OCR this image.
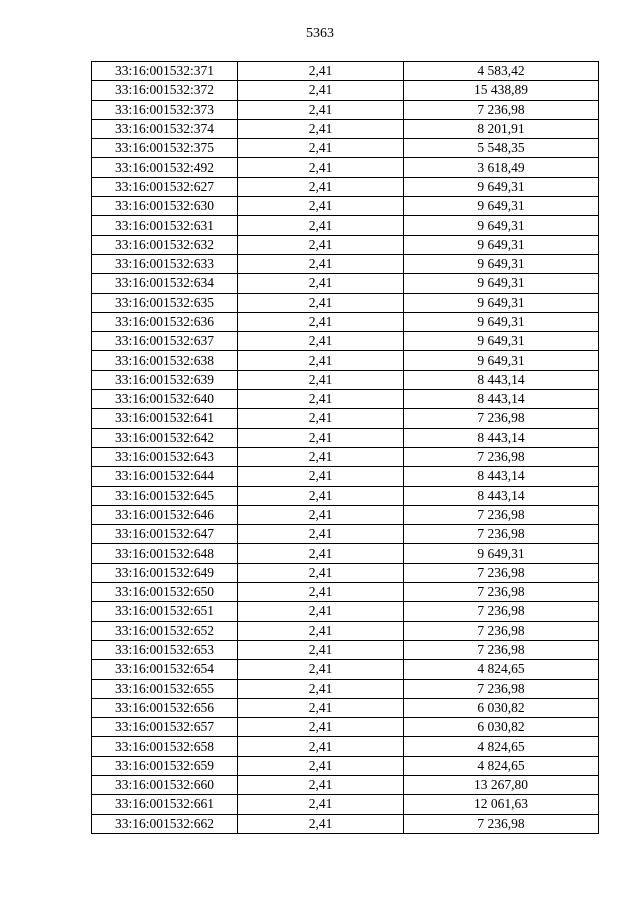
5363
33:16:001532:371	2,41	4 583,42
33:16:001532:372	2,41	15 438,89
33:16:001532:373	2,41	7 236,98
33:16:001532:374	2,41	8 201,91
33:16:001532:375	2,41	5 548,35
33:16:001532:492	2,41	3 618,49
33:16:001532:627	2,41	9 649,31
33:16:001532:630	2,41	9 649,31
33:16:001532:631	2,41	9 649,31
33:16:001532:632	2,41	9 649,31
33:16:001532:633	2,41	9 649,31
33:16:001532:634	2,41	9 649,31
33:16:001532:635	2,41	9 649,31
33:16:001532:636	2,41	9 649,31
33:16:001532:637	2,41	9 649,31
33:16:001532:638	2,41	9 649,31
33:16:001532:639	2,41	8 443,14
33:16:001532:640	2,41	8 443,14
33:16:001532:641	2,41	7 236,98
33:16:001532:642	2,41	8 443,14
33:16:001532:643	2,41	7 236,98
33:16:001532:644	2,41	8 443,14
33:16:001532:645	2,41	8 443,14
33:16:001532:646	2,41	7 236,98
33:16:001532:647	2,41	7 236,98
33:16:001532:648	2,41	9 649,31
33:16:001532:649	2,41	7 236,98
33:16:001532:650	2,41	7 236,98
33:16:001532:651	2,41	7 236,98
33:16:001532:652	2,41	7 236,98
33:16:001532:653	2,41	7 236,98
33:16:001532:654	2,41	4 824,65
33:16:001532:655	2,41	7 236,98
33:16:001532:656	2,41	6 030,82
33:16:001532:657	2,41	6 030,82
33:16:001532:658	2,41	4 824,65
33:16:001532:659	2,41	4 824,65
33:16:001532:660	2,41	13 267,80
33:16:001532:661	2,41	12 061,63
33:16:001532:662	2,41	7 236,98
